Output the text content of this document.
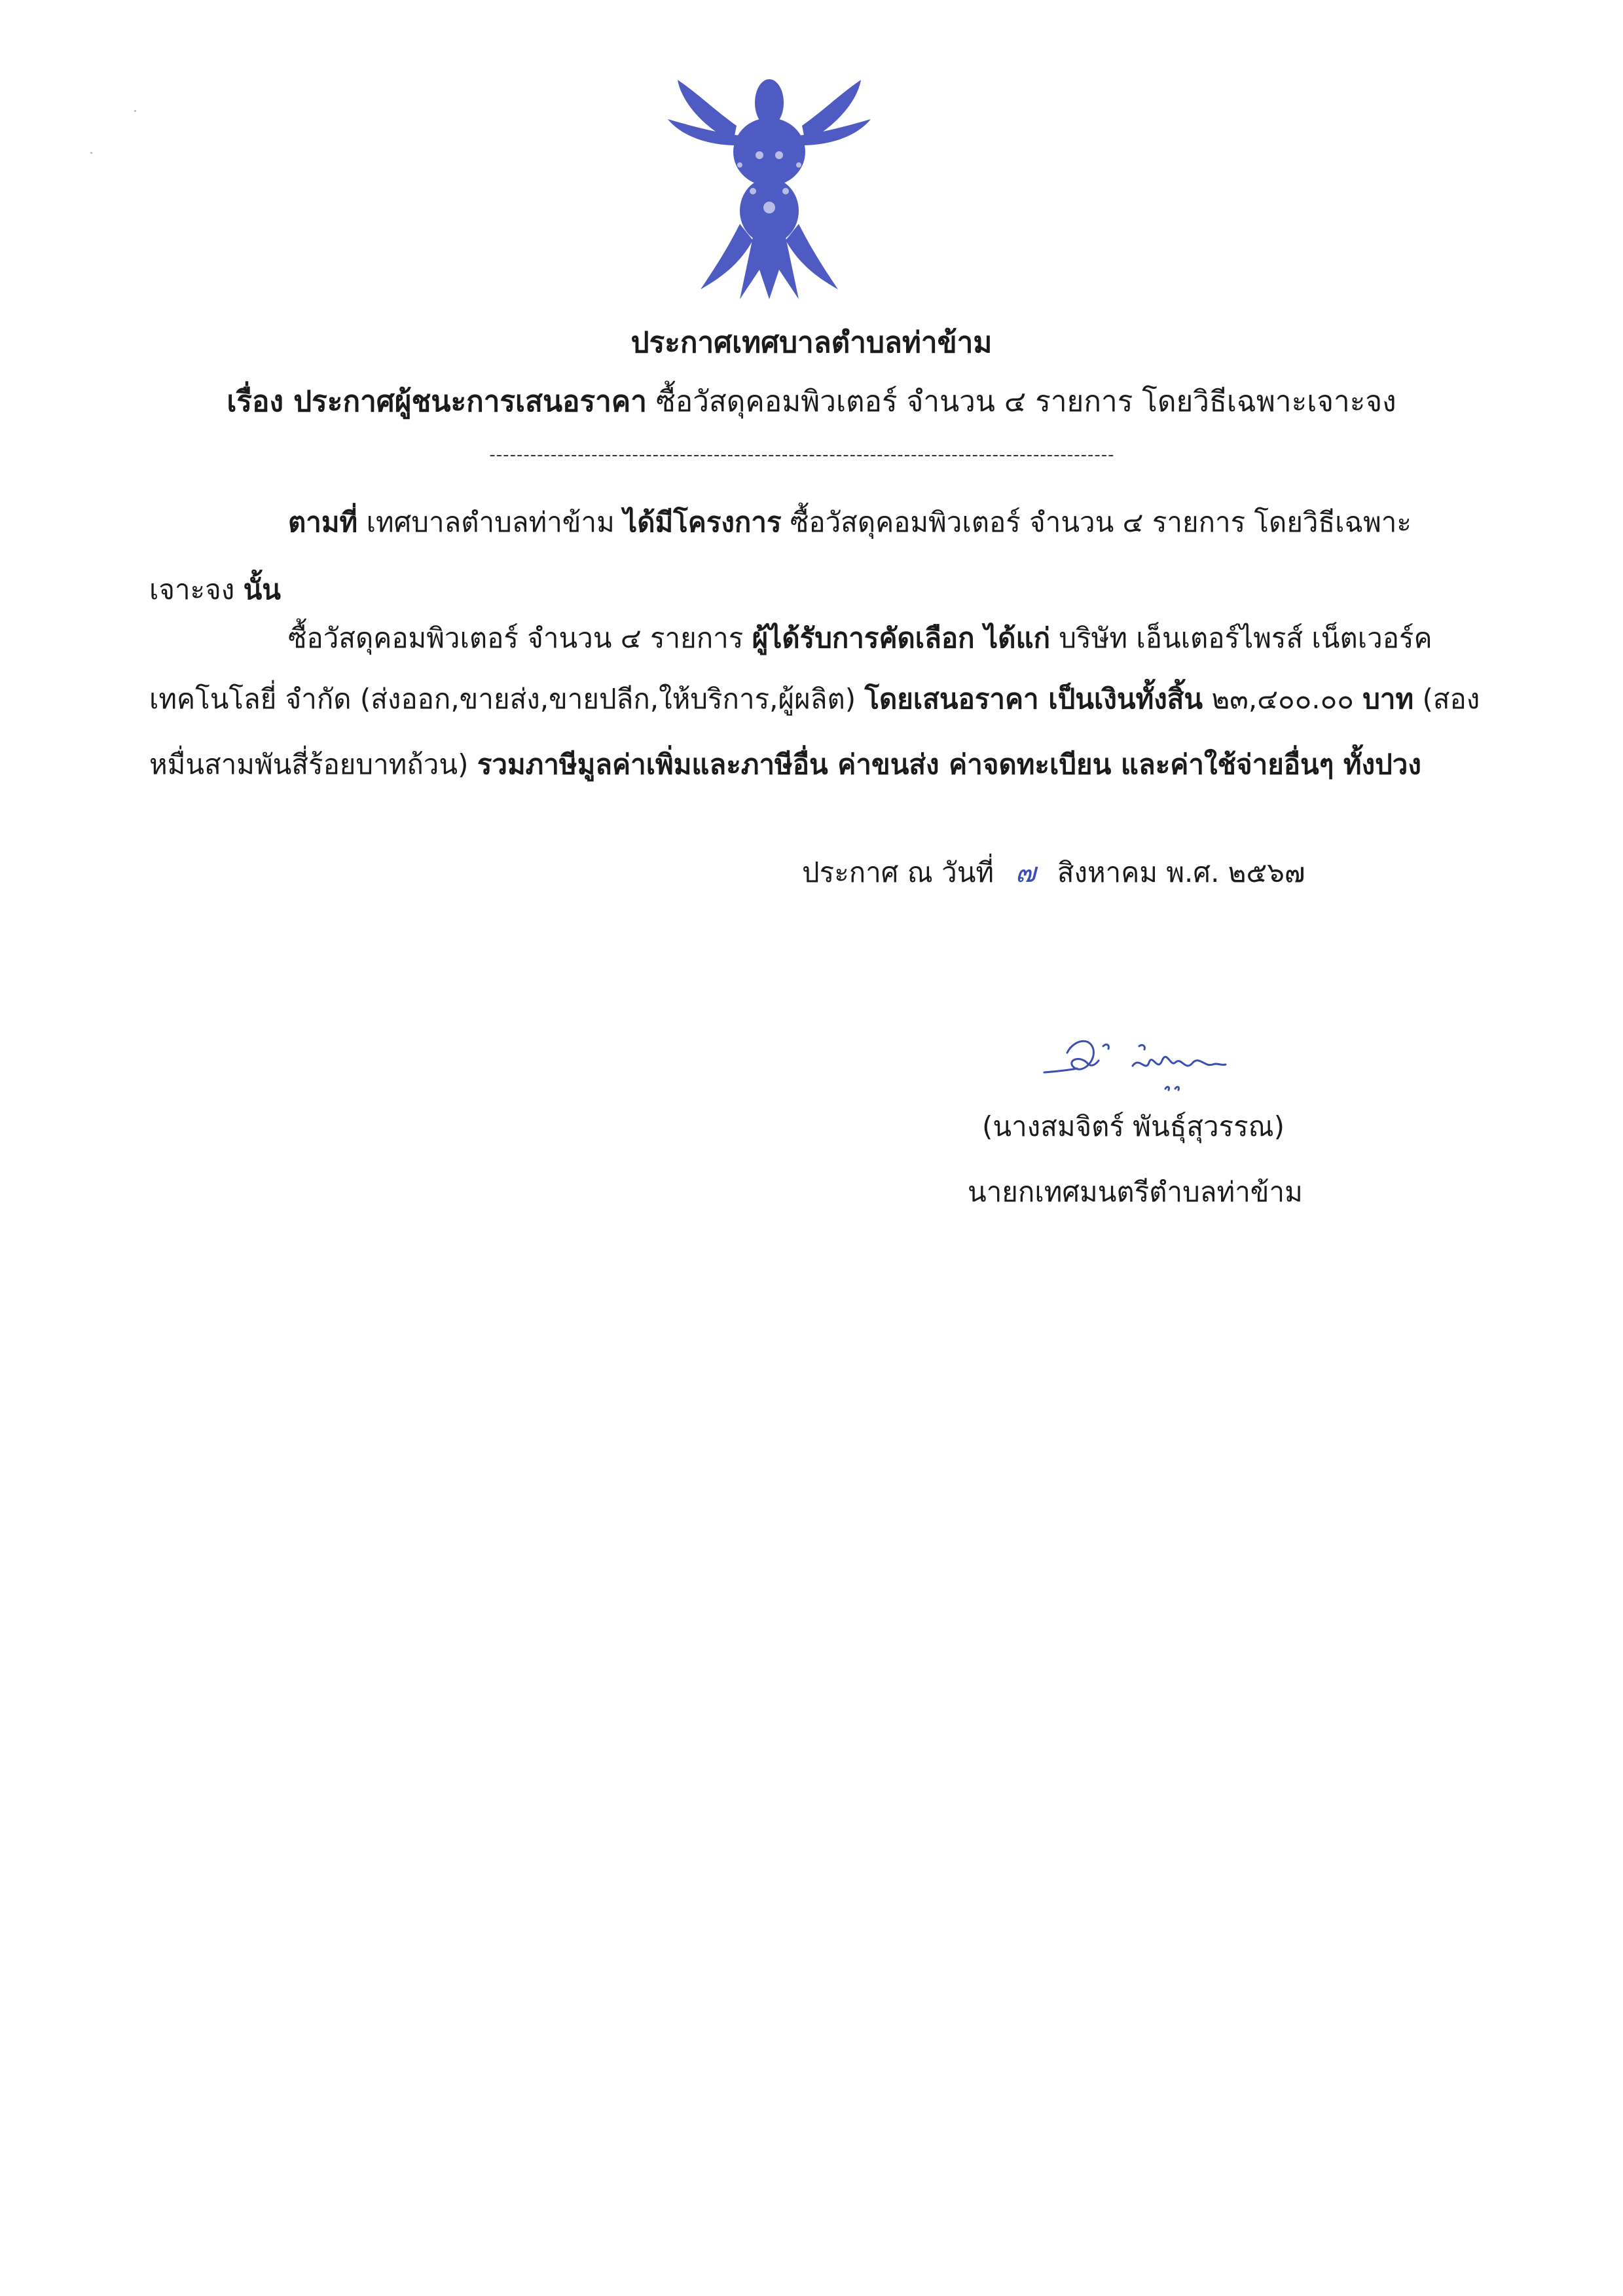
ประกาศเทศบาลตำบลท่าข้าม
เรื่อง ประกาศผู้ชนะการเสนอราคา ซื้อวัสดุคอมพิวเตอร์ จำนวน ๔ รายการ โดยวิธีเฉพาะเจาะจง
--------------------------------------------------------------------------------------------
ตามที่ เทศบาลตำบลท่าข้าม ได้มีโครงการ ซื้อวัสดุคอมพิวเตอร์ จำนวน ๔ รายการ โดยวิธีเฉพาะ
เจาะจง นั้น
ซื้อวัสดุคอมพิวเตอร์ จำนวน ๔ รายการ ผู้ได้รับการคัดเลือก ได้แก่ บริษัท เอ็นเตอร์ไพรส์ เน็ตเวอร์ค
เทคโนโลยี่ จำกัด (ส่งออก,ขายส่ง,ขายปลีก,ให้บริการ,ผู้ผลิต) โดยเสนอราคา เป็นเงินทั้งสิ้น ๒๓,๔๐๐.๐๐ บาท (สอง
หมื่นสามพันสี่ร้อยบาทถ้วน) รวมภาษีมูลค่าเพิ่มและภาษีอื่น ค่าขนส่ง ค่าจดทะเบียน และค่าใช้จ่ายอื่นๆ ทั้งปวง
ประกาศ ณ วันที่ ๗ สิงหาคม พ.ศ. ๒๕๖๗
(นางสมจิตร์ พันธุ์สุวรรณ)
นายกเทศมนตรีตำบลท่าข้าม
